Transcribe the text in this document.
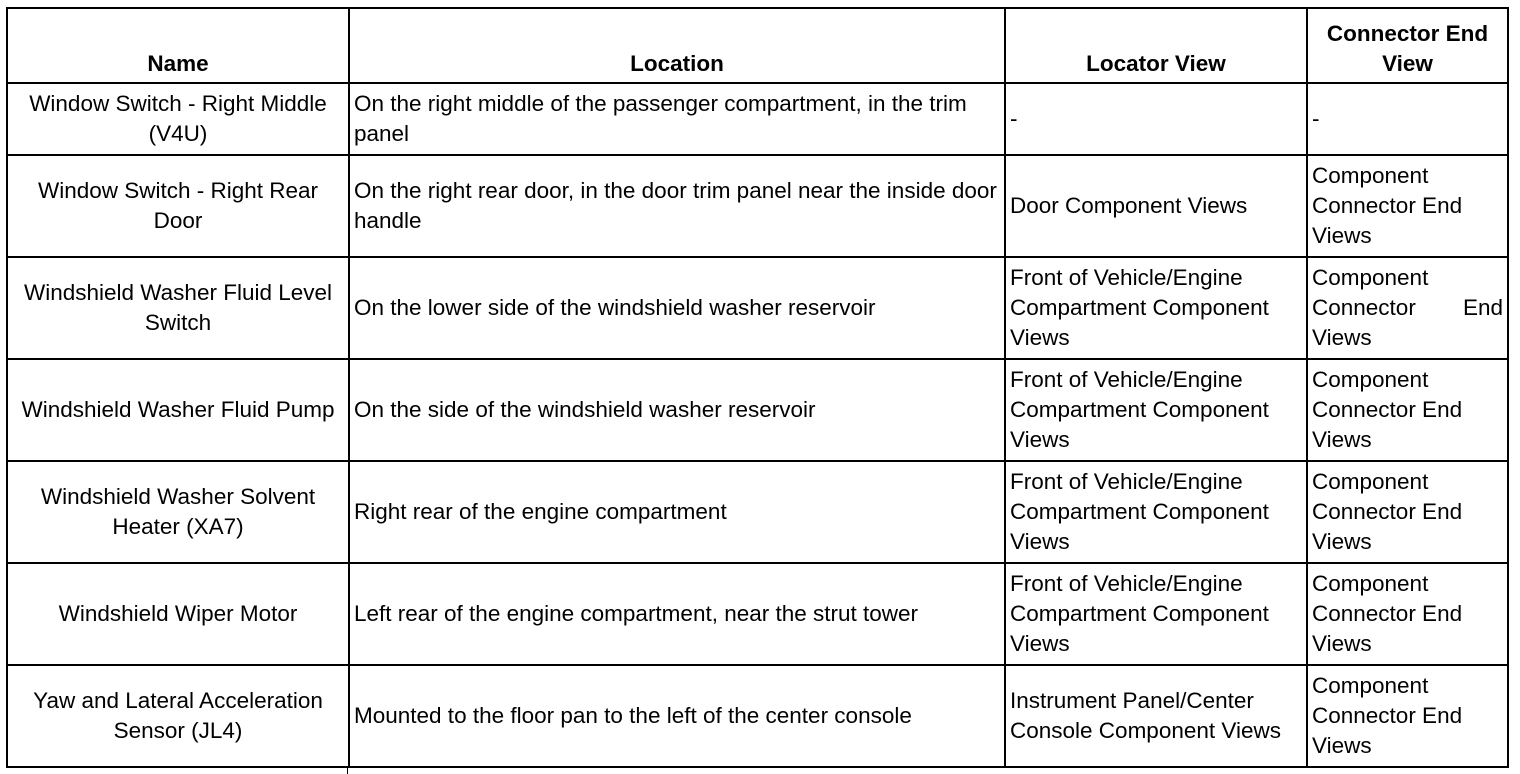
Name	Location	Locator View	Connector End View
Window Switch - Right Middle (V4U)	On the right middle of the passenger compartment, in the trim panel	-	-
Window Switch - Right Rear Door	On the right rear door, in the door trim panel near the inside door handle	Door Component Views	Component Connector End Views
Windshield Washer Fluid Level Switch	On the lower side of the windshield washer reservoir	Front of Vehicle/Engine Compartment Component Views	Component Connector End Views
Windshield Washer Fluid Pump	On the side of the windshield washer reservoir	Front of Vehicle/Engine Compartment Component Views	Component Connector End Views
Windshield Washer Solvent Heater (XA7)	Right rear of the engine compartment	Front of Vehicle/Engine Compartment Component Views	Component Connector End Views
Windshield Wiper Motor	Left rear of the engine compartment, near the strut tower	Front of Vehicle/Engine Compartment Component Views	Component Connector End Views
Yaw and Lateral Acceleration Sensor (JL4)	Mounted to the floor pan to the left of the center console	Instrument Panel/Center Console Component Views	Component Connector End Views
